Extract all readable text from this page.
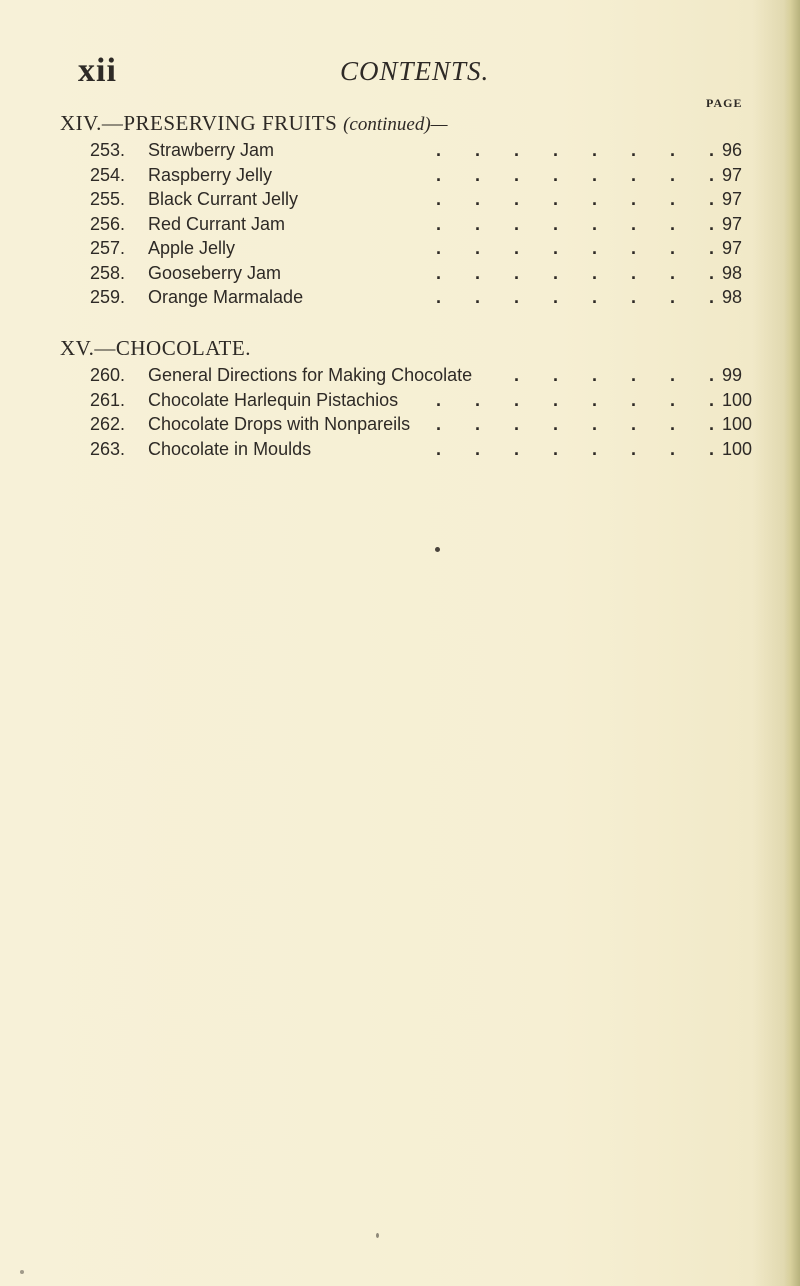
xii	CONTENTS.
PAGE
XIV.—PRESERVING FRUITS (continued)—
253. Strawberry Jam	. . . . . . . . 96
254. Raspberry Jelly	. . . . . . . . 97
255. Black Currant Jelly	. . . . . . . . 97
256. Red Currant Jam	. . . . . . . . 97
257. Apple Jelly	. . . . . . . . 97
258. Gooseberry Jam	. . . . . . . . 98
259. Orange Marmalade	. . . . . . . . 98
XV.—CHOCOLATE.
260. General Directions for Making Chocolate . . . . . . 99
261. Chocolate Harlequin Pistachios . . . . . . . . 100
262. Chocolate Drops with Nonpareils . . . . . . . . 100
263. Chocolate in Moulds	. . . . . . . . 100
